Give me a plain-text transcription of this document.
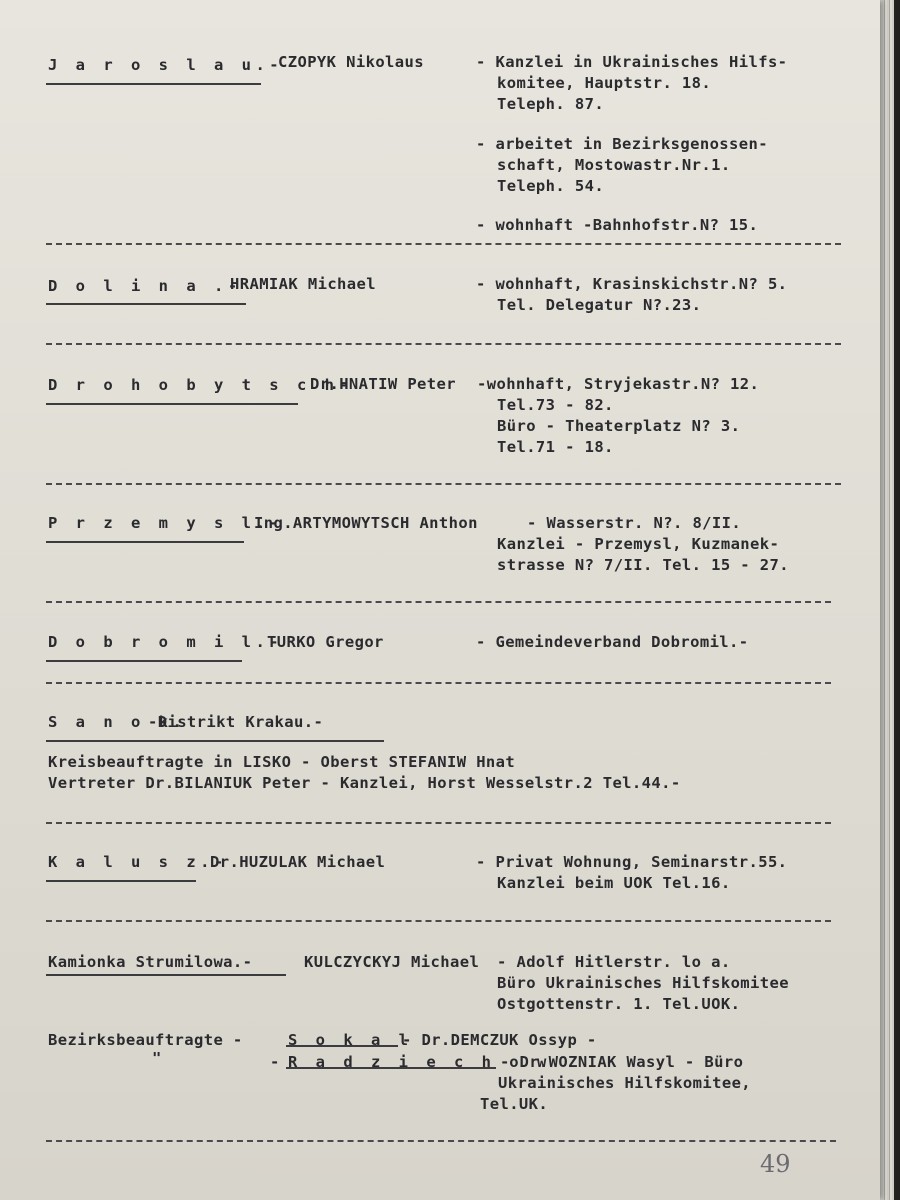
J a r o s l a u.-
CZOPYK Nikolaus	- Kanzlei in Ukrainisches Hilfs-
komitee, Hauptstr. 18.
Teleph. 87.
- arbeitet in Bezirksgenossen-
schaft, Mostowastr.Nr.1.
Teleph. 54.
- wohnhaft -Bahnhofstr.N? 15.
D o l i n a .-
HRAMIAK Michael	- wohnhaft, Krasinskichstr.N? 5.
Tel. Delegatur N?.23.
D r o h o b y t s c h-
Dr.HNATIW Peter -wohnhaft, Stryjekastr.N? 12.
Tel.73 - 82.
Büro - Theaterplatz N? 3.
Tel.71 - 18.
P r z e m y s l.-
Ing.ARTYMOWYTSCH Anthon	- Wasserstr. N?. 8/II.
Kanzlei - Przemysl, Kuzmanek-
strasse N? 7/II. Tel. 15 - 27.
D o b r o m i l.-
TURKO Gregor	- Gemeindeverband Dobromil.-
S a n o k.
-Distrikt Krakau.-
Kreisbeauftragte in LISKO - Oberst STEFANIW Hnat
Vertreter Dr.BILANIUK Peter - Kanzlei, Horst Wesselstr.2 Tel.44.-
K a l u s z.-
Dr.HUZULAK Michael	- Privat Wohnung, Seminarstr.55.
Kanzlei beim UOK Tel.16.
Kamionka Strumilowa.-	KULCZYCKYJ Michael - Adolf Hitlerstr. lo a.
Büro Ukrainisches Hilfskomitee
Ostgottenstr. 1. Tel.UOK.
Bezirksbeauftragte -
"
S o k a l
- Dr.DEMCZUK Ossyp -
- R a d z i e c h o w
- Dr.WOZNIAK Wasyl - Büro
Ukrainisches Hilfskomitee,
Tel.UK.
49
